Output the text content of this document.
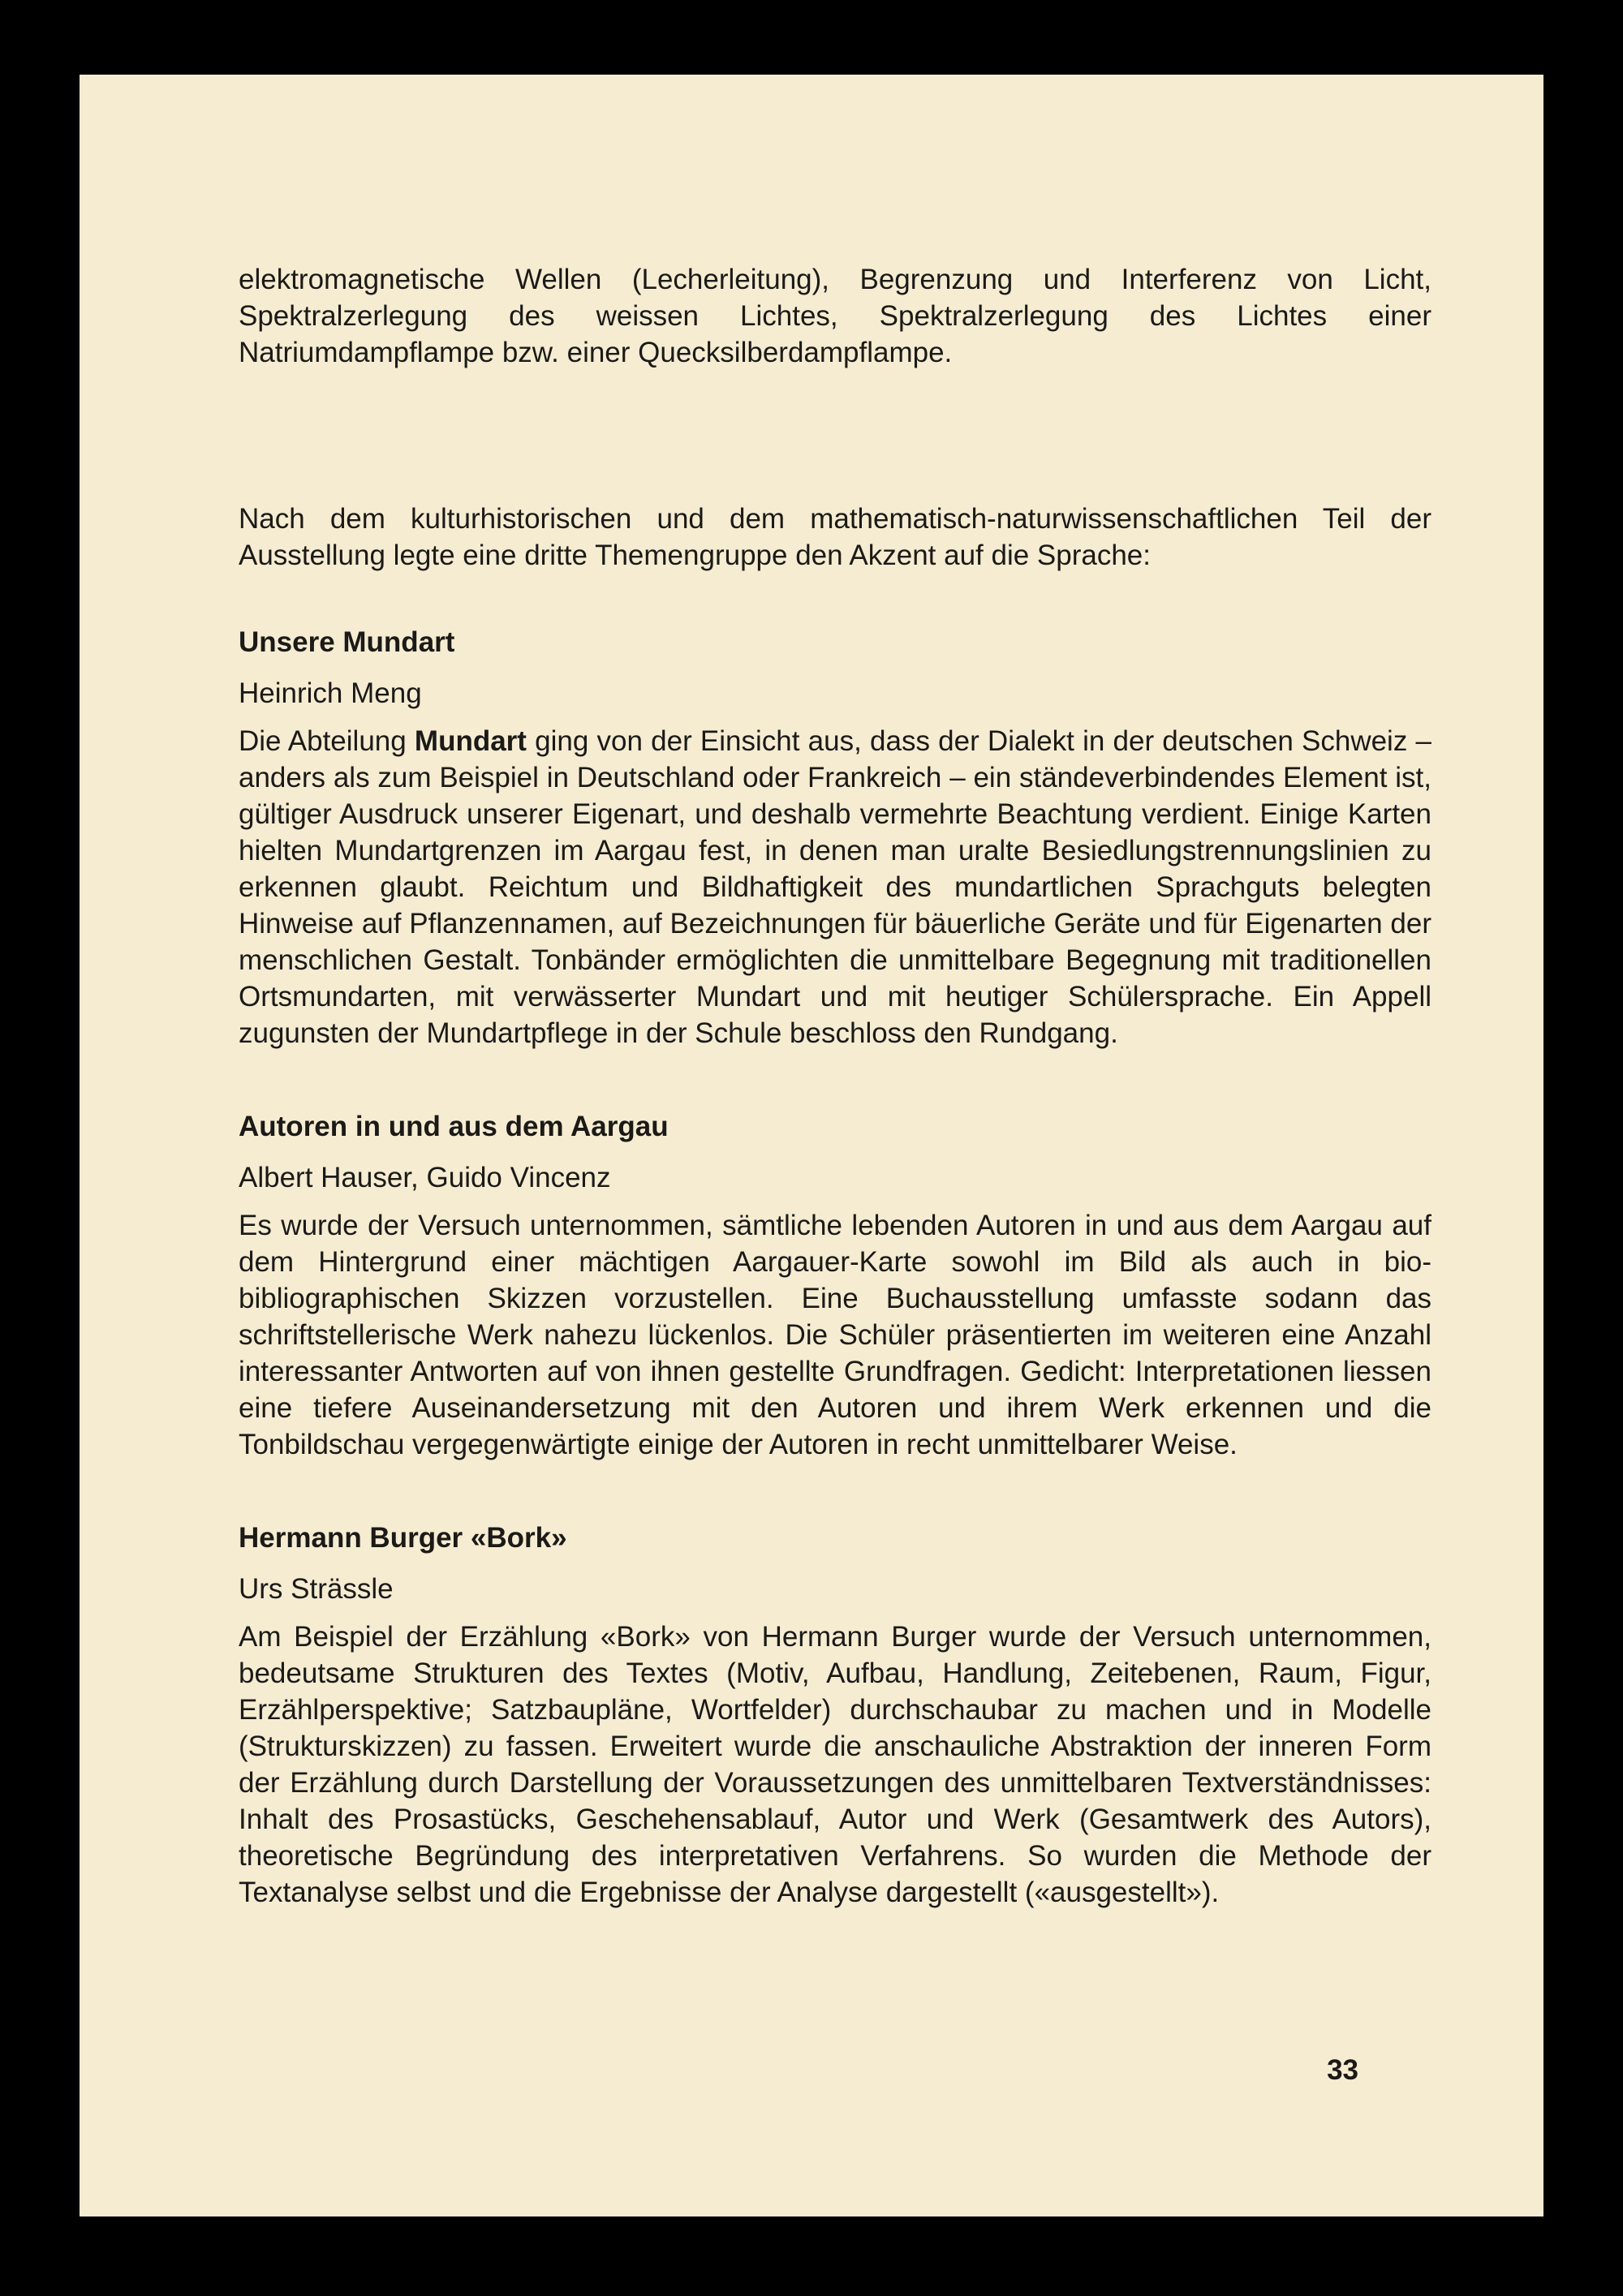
elektromagnetische Wellen (Lecherleitung), Begrenzung und Interferenz von Licht, Spektralzerlegung des weissen Lichtes, Spektralzerlegung des Lichtes einer Natriumdampflampe bzw. einer Quecksilberdampflampe.

Nach dem kulturhistorischen und dem mathematisch-naturwissenschaftlichen Teil der Ausstellung legte eine dritte Themengruppe den Akzent auf die Sprache:

Unsere Mundart

Heinrich Meng

Die Abteilung Mundart ging von der Einsicht aus, dass der Dialekt in der deutschen Schweiz – anders als zum Beispiel in Deutschland oder Frankreich – ein ständeverbindendes Element ist, gültiger Ausdruck unserer Eigenart, und deshalb vermehrte Beachtung verdient. Einige Karten hielten Mundartgrenzen im Aargau fest, in denen man uralte Besiedlungstrennungslinien zu erkennen glaubt. Reichtum und Bildhaftigkeit des mundartlichen Sprachguts belegten Hinweise auf Pflanzennamen, auf Bezeichnungen für bäuerliche Geräte und für Eigenarten der menschlichen Gestalt. Tonbänder ermöglichten die unmittelbare Begegnung mit traditionellen Ortsmundarten, mit verwässerter Mundart und mit heutiger Schülersprache. Ein Appell zugunsten der Mundartpflege in der Schule beschloss den Rundgang.

Autoren in und aus dem Aargau

Albert Hauser, Guido Vincenz

Es wurde der Versuch unternommen, sämtliche lebenden Autoren in und aus dem Aargau auf dem Hintergrund einer mächtigen Aargauer-Karte sowohl im Bild als auch in bio-bibliographischen Skizzen vorzustellen. Eine Buchausstellung umfasste sodann das schriftstellerische Werk nahezu lückenlos. Die Schüler präsentierten im weiteren eine Anzahl interessanter Antworten auf von ihnen gestellte Grundfragen. Gedicht: Interpretationen liessen eine tiefere Auseinandersetzung mit den Autoren und ihrem Werk erkennen und die Tonbildschau vergegenwärtigte einige der Autoren in recht unmittelbarer Weise.

Hermann Burger «Bork»

Urs Strässle

Am Beispiel der Erzählung «Bork» von Hermann Burger wurde der Versuch unternommen, bedeutsame Strukturen des Textes (Motiv, Aufbau, Handlung, Zeitebenen, Raum, Figur, Erzählperspektive; Satzbaupläne, Wortfelder) durchschaubar zu machen und in Modelle (Strukturskizzen) zu fassen. Erweitert wurde die anschauliche Abstraktion der inneren Form der Erzählung durch Darstellung der Voraussetzungen des unmittelbaren Textverständnisses: Inhalt des Prosastücks, Geschehensablauf, Autor und Werk (Gesamtwerk des Autors), theoretische Begründung des interpretativen Verfahrens. So wurden die Methode der Textanalyse selbst und die Ergebnisse der Analyse dargestellt («ausgestellt»).

33
